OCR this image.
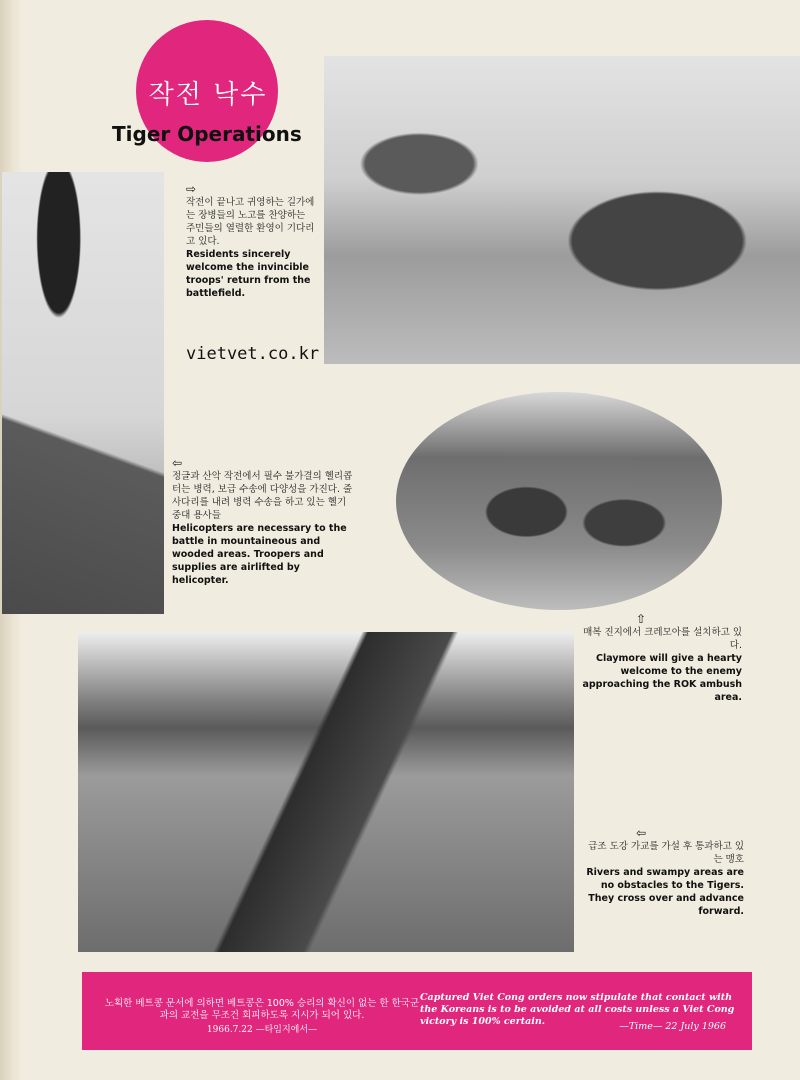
작전 낙수
Tiger Operations
⇨
작전이 끝나고 귀영하는 길가에는 장병들의 노고를 찬양하는 주민들의 열렬한 환영이 기다리고 있다.
Residents sincerely welcome the invincible troops' return from the battlefield.
vietvet.co.kr
⇦
정글과 산악 작전에서 필수 불가결의 헬리콥터는 병력, 보급 수송에 다양성을 가진다. 줄사다리를 내려 병력 수송을 하고 있는 헬기 중대 용사들
Helicopters are necessary to the battle in mountaineous and wooded areas. Troopers and supplies are airlifted by helicopter.
⇧
매복 진지에서 크레모아를 설치하고 있다.
Claymore will give a hearty welcome to the enemy approaching the ROK ambush area.
⇦
급조 도강 가교를 가설 후 통과하고 있는 맹호
Rivers and swampy areas are no obstacles to the Tigers. They cross over and advance forward.
노획한 베트콩 문서에 의하면 베트콩은 100% 승리의 확신이 없는 한 한국군과의 교전을 무조건 회피하도록 지시가 되어 있다.
1966.7.22 —타임지에서—
Captured Viet Cong orders now stipulate that contact with the Koreans is to be avoided at all costs unless a Viet Cong victory is 100% certain.	—Time— 22 July 1966
